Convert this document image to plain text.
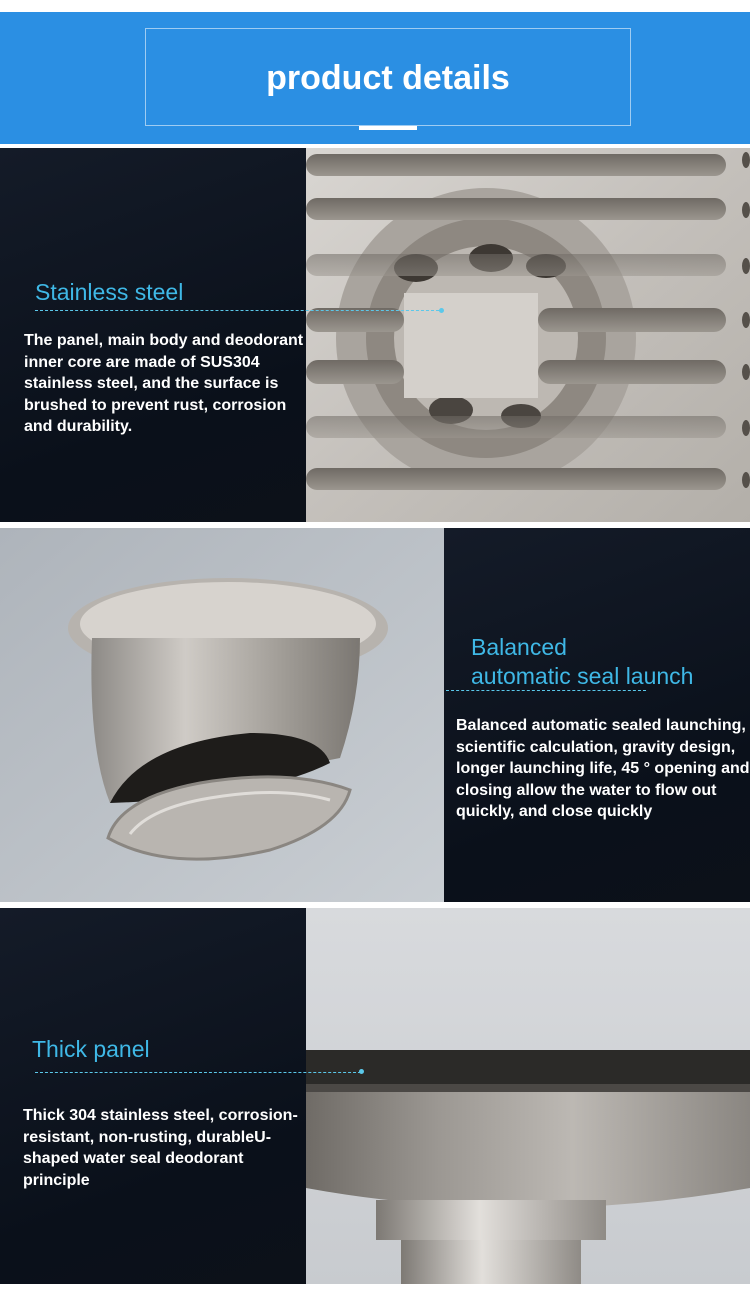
product details
Stainless steel
The panel, main body and deodorant inner core are made of SUS304 stainless steel, and the surface is brushed to prevent rust, corrosion and durability.
Balanced
automatic seal launch
Balanced automatic sealed launching, scientific calculation, gravity design, longer launching life, 45 ° opening and closing allow the water to flow out quickly, and close quickly
Thick panel
Thick 304 stainless steel, corrosion-resistant, non-rusting, durableU-shaped water seal deodorant principle
